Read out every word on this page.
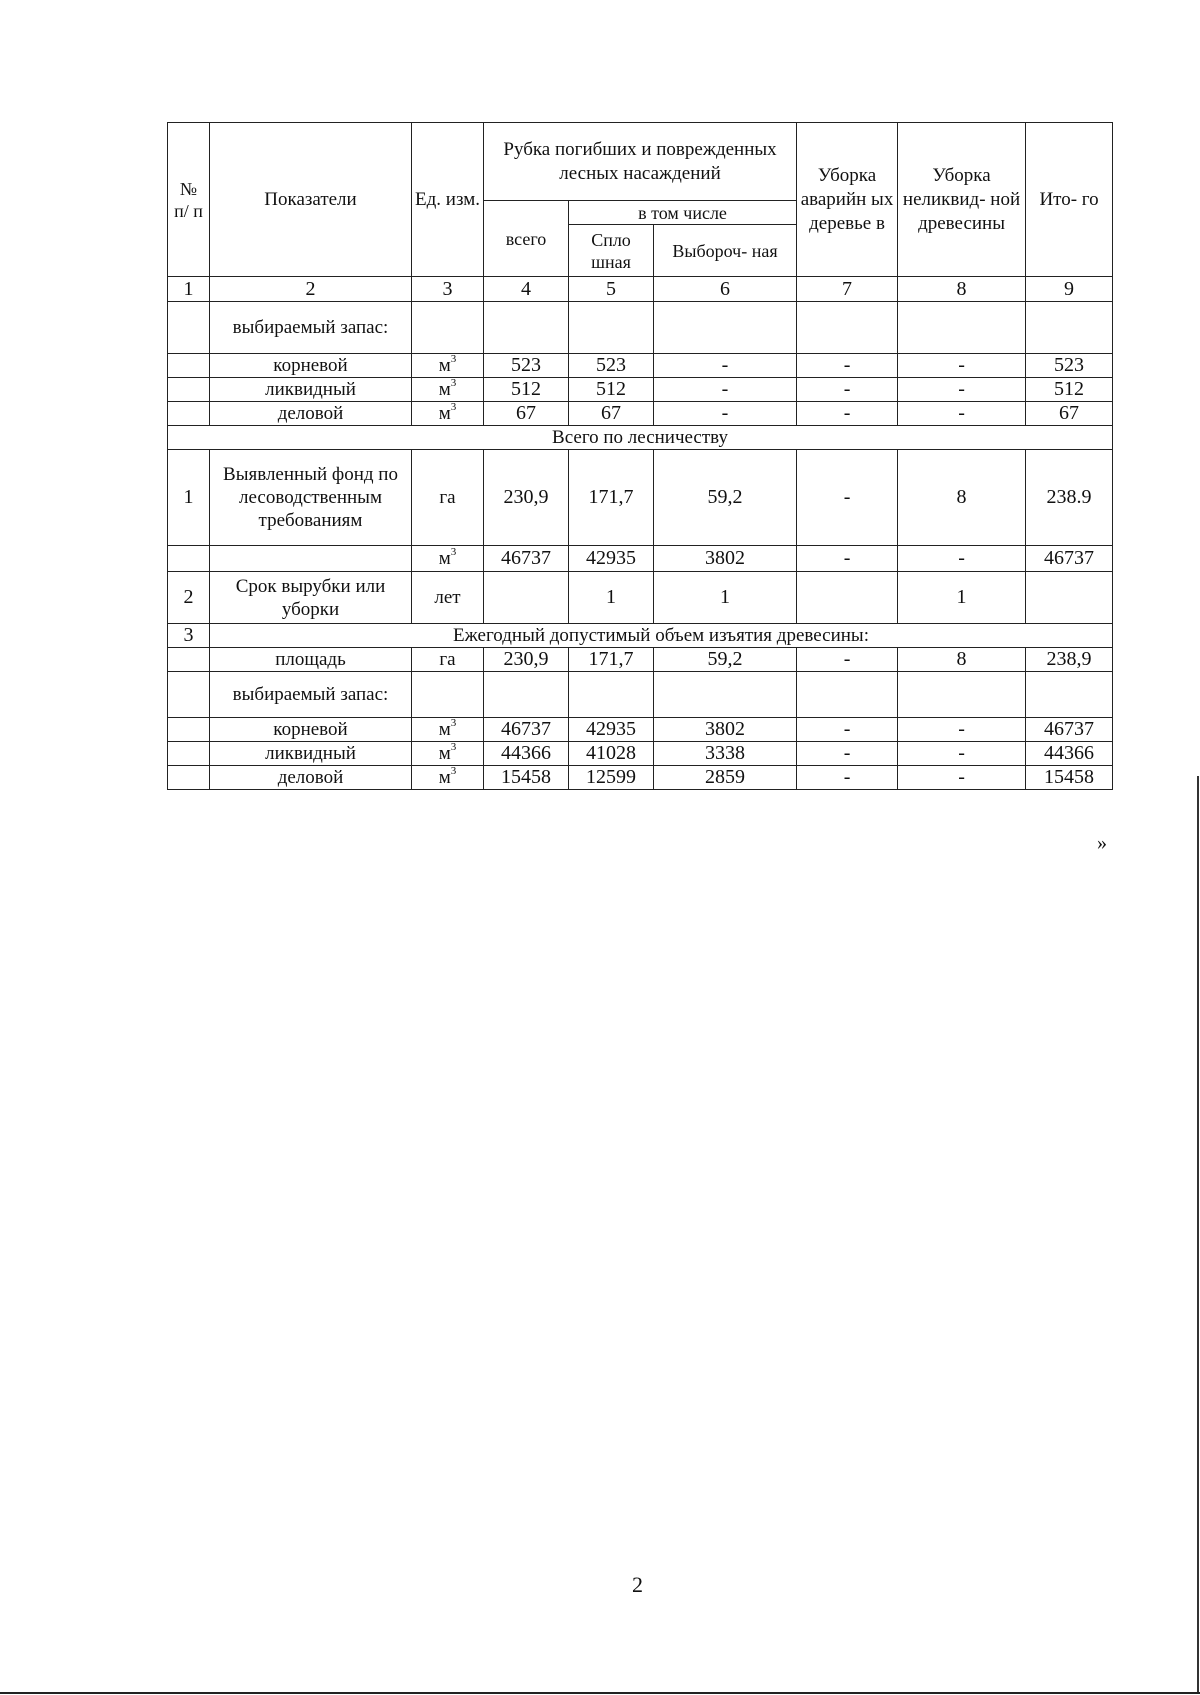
№ п/ п	Показатели	Ед. изм.	Рубка погибших и поврежденных лесных насаждений			Уборка аварийн ых деревье в	Уборка неликвид- ной древесины	Ито- го
			всего	в том числе				
				Спло шная	Выбороч- ная			
1	2	3	4	5	6	7	8	9
	выбираемый запас:							
	корневой	$м^3$	523	523	-	-	-	523
	ликвидный	$м^3$	512	512	-	-	-	512
	деловой	$м^3$	67	67	-	-	-	67
Всего по лесничеству								
1	Выявленный фонд по лесоводственным требованиям	га	230,9	171,7	59,2	-	8	238.9
		$м^3$	46737	42935	3802	-	-	46737
2	Срок вырубки или уборки	лет		1	1		1	
3	Ежегодный допустимый объем изъятия древесины:							
	площадь	га	230,9	171,7	59,2	-	8	238,9
	выбираемый запас:							
	корневой	$м^3$	46737	42935	3802	-	-	46737
	ликвидный	$м^3$	44366	41028	3338	-	-	44366
	деловой	$м^3$	15458	12599	2859	-	-	15458
»
2
